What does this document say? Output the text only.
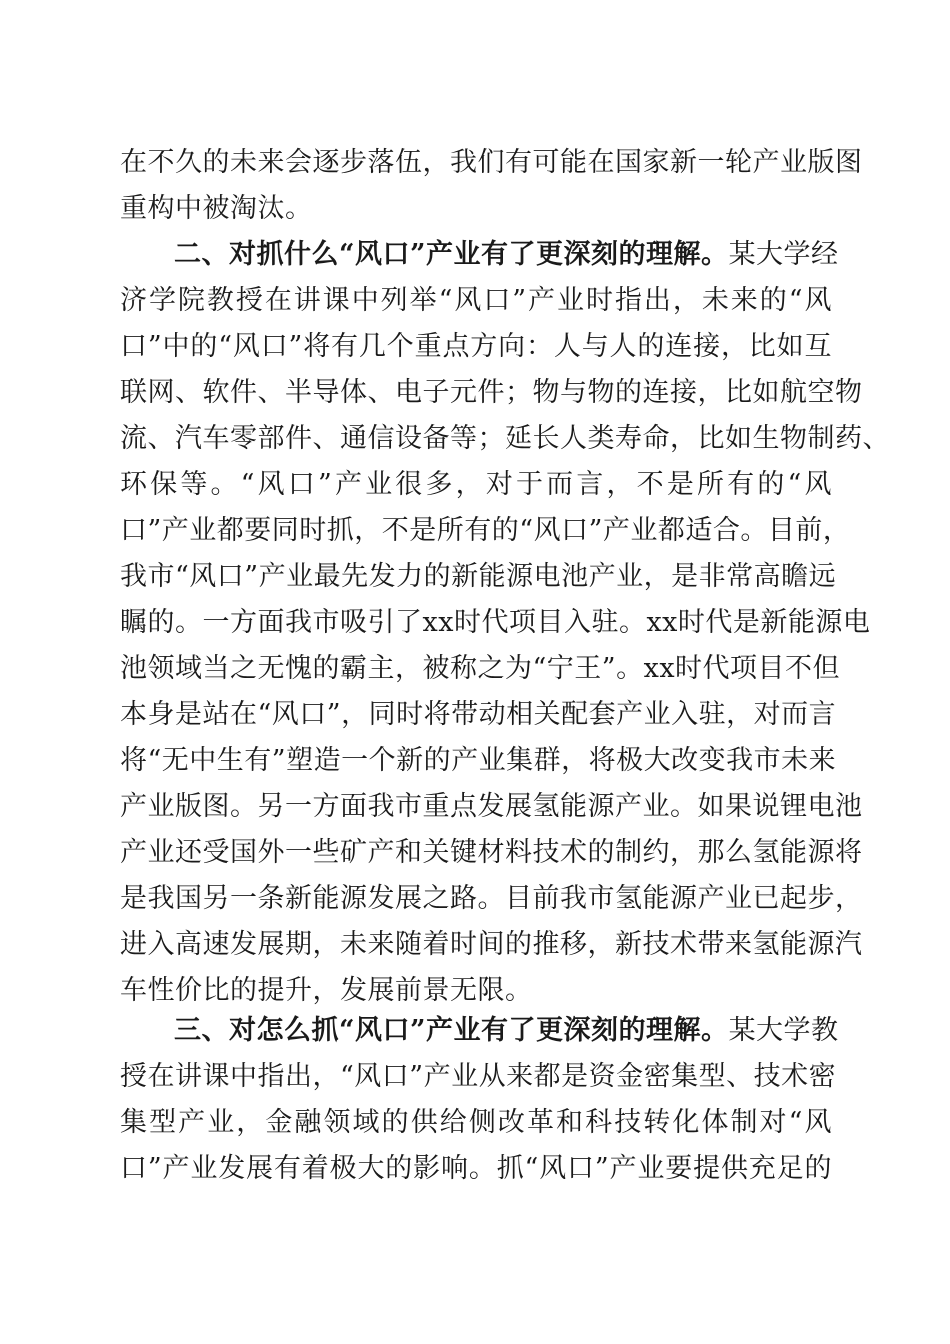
在不久的未来会逐步落伍，我们有可能在国家新一轮产业版图
重构中被淘汰。
二、对抓什么“风口”产业有了更深刻的理解。某大学经
济学院教授在讲课中列举“风口”产业时指出，未来的“风
口”中的“风口”将有几个重点方向：人与人的连接，比如互
联网、软件、半导体、电子元件；物与物的连接，比如航空物
流、汽车零部件、通信设备等；延长人类寿命，比如生物制药、
环保等。“风口”产业很多，对于而言，不是所有的“风
口”产业都要同时抓，不是所有的“风口”产业都适合。目前，
我市“风口”产业最先发力的新能源电池产业，是非常高瞻远
瞩的。一方面我市吸引了xx时代项目入驻。xx时代是新能源电
池领域当之无愧的霸主，被称之为“宁王”。xx时代项目不但
本身是站在“风口”，同时将带动相关配套产业入驻，对而言
将“无中生有”塑造一个新的产业集群，将极大改变我市未来
产业版图。另一方面我市重点发展氢能源产业。如果说锂电池
产业还受国外一些矿产和关键材料技术的制约，那么氢能源将
是我国另一条新能源发展之路。目前我市氢能源产业已起步，
进入高速发展期，未来随着时间的推移，新技术带来氢能源汽
车性价比的提升，发展前景无限。
三、对怎么抓“风口”产业有了更深刻的理解。某大学教
授在讲课中指出，“风口”产业从来都是资金密集型、技术密
集型产业，金融领域的供给侧改革和科技转化体制对“风
口”产业发展有着极大的影响。抓“风口”产业要提供充足的
